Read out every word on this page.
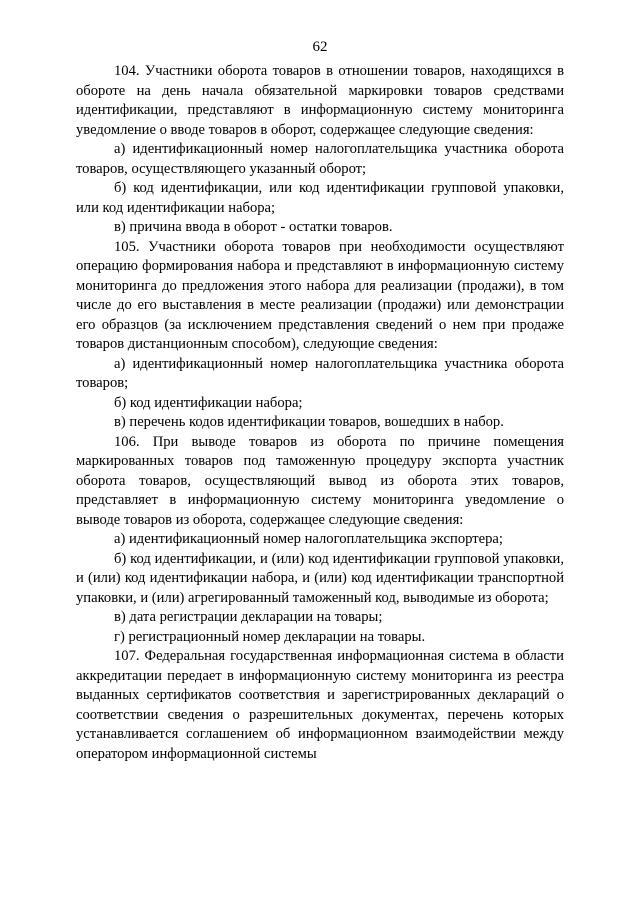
62

104. Участники оборота товаров в отношении товаров, находящихся в обороте на день начала обязательной маркировки товаров средствами идентификации, представляют в информационную систему мониторинга уведомление о вводе товаров в оборот, содержащее следующие сведения:

а) идентификационный номер налогоплательщика участника оборота товаров, осуществляющего указанный оборот;

б) код идентификации, или код идентификации групповой упаковки, или код идентификации набора;

в) причина ввода в оборот - остатки товаров.

105. Участники оборота товаров при необходимости осуществляют операцию формирования набора и представляют в информационную систему мониторинга до предложения этого набора для реализации (продажи), в том числе до его выставления в месте реализации (продажи) или демонстрации его образцов (за исключением представления сведений о нем при продаже товаров дистанционным способом), следующие сведения:

а) идентификационный номер налогоплательщика участника оборота товаров;

б) код идентификации набора;

в) перечень кодов идентификации товаров, вошедших в набор.

106. При выводе товаров из оборота по причине помещения маркированных товаров под таможенную процедуру экспорта участник оборота товаров, осуществляющий вывод из оборота этих товаров, представляет в информационную систему мониторинга уведомление о выводе товаров из оборота, содержащее следующие сведения:

а) идентификационный номер налогоплательщика экспортера;

б) код идентификации, и (или) код идентификации групповой упаковки, и (или) код идентификации набора, и (или) код идентификации транспортной упаковки, и (или) агрегированный таможенный код, выводимые из оборота;

в) дата регистрации декларации на товары;

г) регистрационный номер декларации на товары.

107. Федеральная государственная информационная система в области аккредитации передает в информационную систему мониторинга из реестра выданных сертификатов соответствия и зарегистрированных деклараций о соответствии сведения о разрешительных документах, перечень которых устанавливается соглашением об информационном взаимодействии между оператором информационной системы
